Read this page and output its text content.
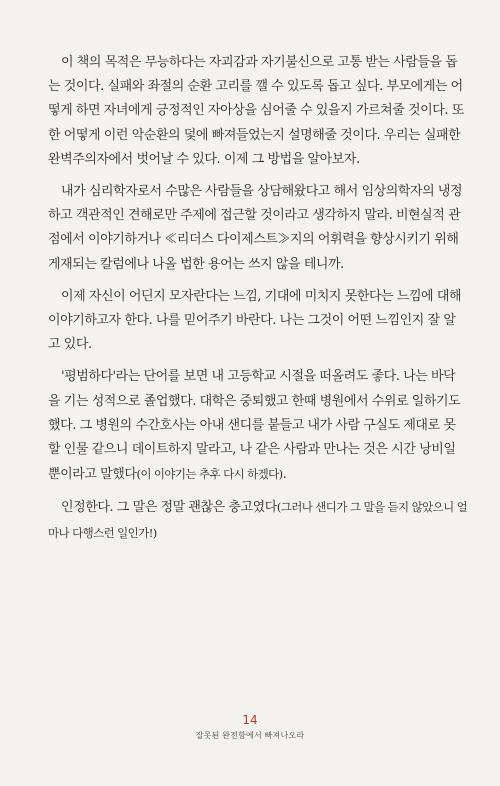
이 책의 목적은 무능하다는 자괴감과 자기불신으로 고통 받는 사람들을 돕
는 것이다. 실패와 좌절의 순환 고리를 깰 수 있도록 돕고 싶다. 부모에게는 어
떻게 하면 자녀에게 긍정적인 자아상을 심어줄 수 있을지 가르쳐줄 것이다. 또
한 어떻게 이런 악순환의 덫에 빠져들었는지 설명해줄 것이다. 우리는 실패한
완벽주의자에서 벗어날 수 있다. 이제 그 방법을 알아보자.

내가 심리학자로서 수많은 사람들을 상담해왔다고 해서 임상의학자의 냉정
하고 객관적인 견해로만 주제에 접근할 것이라고 생각하지 말라. 비현실적 관
점에서 이야기하거나 ≪리더스 다이제스트≫지의 어휘력을 향상시키기 위해
게재되는 칼럼에나 나올 법한 용어는 쓰지 않을 테니까.

이제 자신이 어딘지 모자란다는 느낌, 기대에 미치지 못한다는 느낌에 대해
이야기하고자 한다. 나를 믿어주기 바란다. 나는 그것이 어떤 느낌인지 잘 알
고 있다.

'평범하다'라는 단어를 보면 내 고등학교 시절을 떠올려도 좋다. 나는 바닥
을 기는 성적으로 졸업했다. 대학은 중퇴했고 한때 병원에서 수위로 일하기도
했다. 그 병원의 수간호사는 아내 샌디를 붙들고 내가 사람 구실도 제대로 못
할 인물 같으니 데이트하지 말라고, 나 같은 사람과 만나는 것은 시간 낭비일
뿐이라고 말했다(이 이야기는 추후 다시 하겠다).

인정한다. 그 말은 정말 괜찮은 충고였다(그러나 샌디가 그 말을 듣지 않았으니 얼
마나 다행스런 일인가!)

14
잘못된 완전함에서 빠져나오라
